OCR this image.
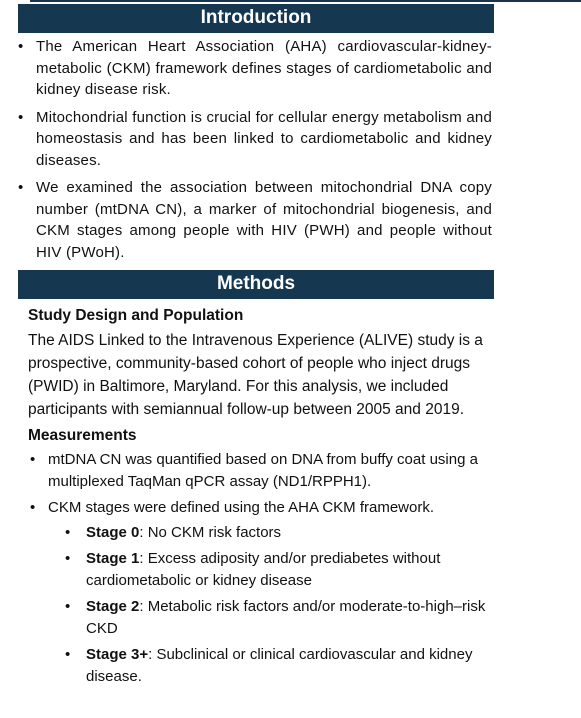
Introduction
• The American Heart Association (AHA) cardiovascular-kidney-metabolic (CKM) framework defines stages of cardiometabolic and kidney disease risk.
• Mitochondrial function is crucial for cellular energy metabolism and homeostasis and has been linked to cardiometabolic and kidney diseases.
• We examined the association between mitochondrial DNA copy number (mtDNA CN), a marker of mitochondrial biogenesis, and CKM stages among people with HIV (PWH) and people without HIV (PWoH).
Methods
Study Design and Population
The AIDS Linked to the Intravenous Experience (ALIVE) study is a prospective, community-based cohort of people who inject drugs (PWID) in Baltimore, Maryland. For this analysis, we included participants with semiannual follow-up between 2005 and 2019.
Measurements
• mtDNA CN was quantified based on DNA from buffy coat using a multiplexed TaqMan qPCR assay (ND1/RPPH1).
• CKM stages were defined using the AHA CKM framework.
• Stage 0: No CKM risk factors
• Stage 1: Excess adiposity and/or prediabetes without cardiometabolic or kidney disease
• Stage 2: Metabolic risk factors and/or moderate-to-high–risk CKD
• Stage 3+: Subclinical or clinical cardiovascular and kidney disease.
